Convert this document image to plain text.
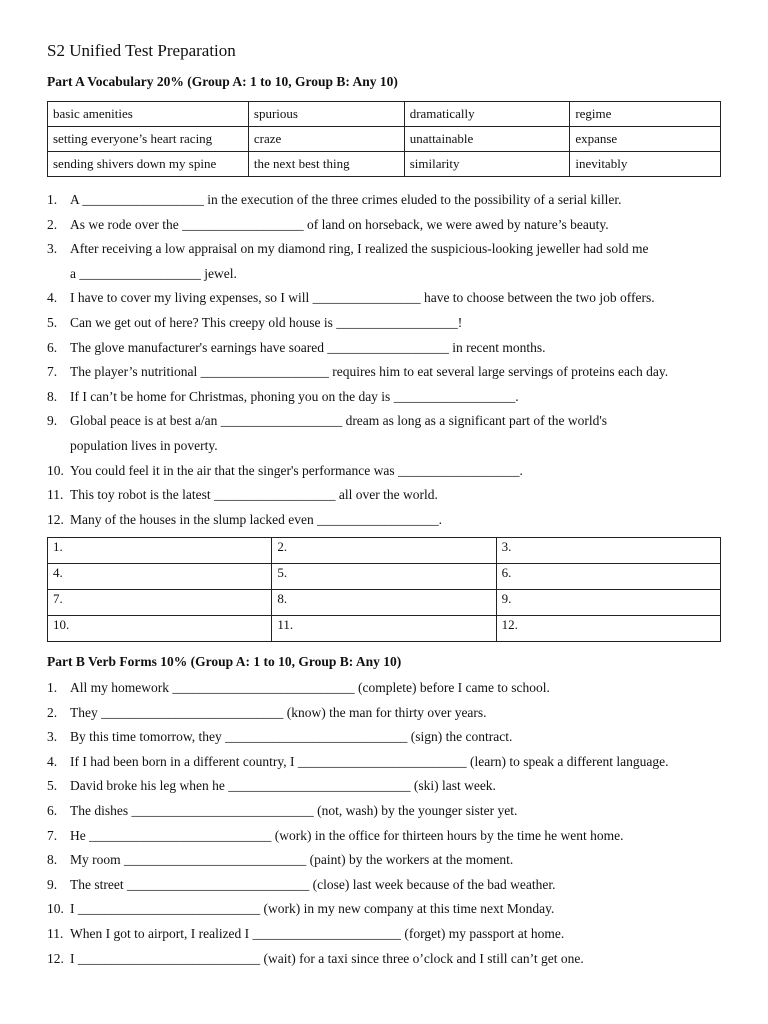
S2 Unified Test Preparation
Part A Vocabulary 20% (Group A: 1 to 10, Group B: Any 10)
basic amenities	spurious	dramatically	regime
setting everyone’s heart racing	craze	unattainable	expanse
sending shivers down my spine	the next best thing	similarity	inevitably
1. A __________________ in the execution of the three crimes eluded to the possibility of a serial killer.
2. As we rode over the __________________ of land on horseback, we were awed by nature’s beauty.
3. After receiving a low appraisal on my diamond ring, I realized the suspicious-looking jeweller had sold me
a __________________ jewel.
4. I have to cover my living expenses, so I will ________________ have to choose between the two job offers.
5. Can we get out of here? This creepy old house is __________________!
6. The glove manufacturer's earnings have soared __________________ in recent months.
7. The player’s nutritional ___________________ requires him to eat several large servings of proteins each day.
8. If I can’t be home for Christmas, phoning you on the day is __________________.
9. Global peace is at best a/an __________________ dream as long as a significant part of the world's
population lives in poverty.
10. You could feel it in the air that the singer's performance was __________________.
11. This toy robot is the latest __________________ all over the world.
12. Many of the houses in the slump lacked even __________________.
1.	2.	3.
4.	5.	6.
7.	8.	9.
10.	11.	12.
Part B Verb Forms 10% (Group A: 1 to 10, Group B: Any 10)
1. All my homework ___________________________ (complete) before I came to school.
2. They ___________________________ (know) the man for thirty over years.
3. By this time tomorrow, they ___________________________ (sign) the contract.
4. If I had been born in a different country, I _________________________ (learn) to speak a different language.
5. David broke his leg when he ___________________________ (ski) last week.
6. The dishes ___________________________ (not, wash) by the younger sister yet.
7. He ___________________________ (work) in the office for thirteen hours by the time he went home.
8. My room ___________________________ (paint) by the workers at the moment.
9. The street ___________________________ (close) last week because of the bad weather.
10. I ___________________________ (work) in my new company at this time next Monday.
11. When I got to airport, I realized I ______________________ (forget) my passport at home.
12. I ___________________________ (wait) for a taxi since three o’clock and I still can’t get one.
